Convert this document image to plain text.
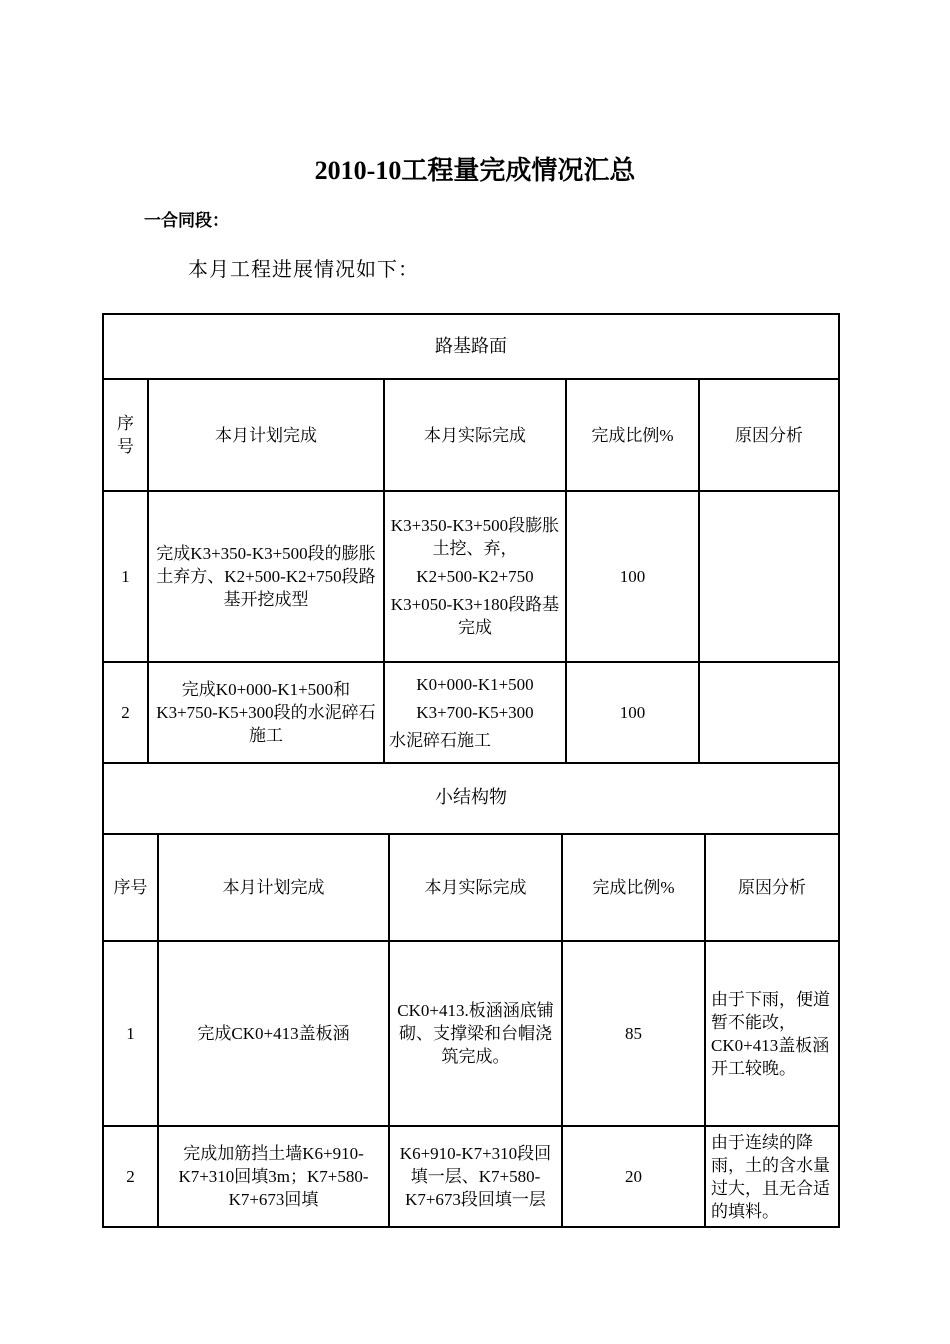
2010-10工程量完成情况汇总
一合同段：
本月工程进展情况如下：
路基路面				
序号	本月计划完成	本月实际完成	完成比例%	原因分析
1	完成K3+350-K3+500段的膨胀土弃方、K2+500-K2+750段路基开挖成型	K3+350-K3+500段膨胀土挖、弃，
K2+500-K2+750
K3+050-K3+180段路基完成	100	
2	完成K0+000-K1+500和K3+750-K5+300段的水泥碎石施工	K0+000-K1+500
K3+700-K5+300
水泥碎石施工	100	
小结构物				
序号	本月计划完成	本月实际完成	完成比例%	原因分析
1	完成CK0+413盖板涵	CK0+413.板涵涵底铺砌、支撑梁和台帽浇筑完成。	85	由于下雨，便道暂不能改，CK0+413盖板涵开工较晚。
2	完成加筋挡土墙K6+910-K7+310回填3m；K7+580-K7+673回填	K6+910-K7+310段回填一层、K7+580-K7+673段回填一层	20	由于连续的降雨，土的含水量过大，且无合适的填料。
